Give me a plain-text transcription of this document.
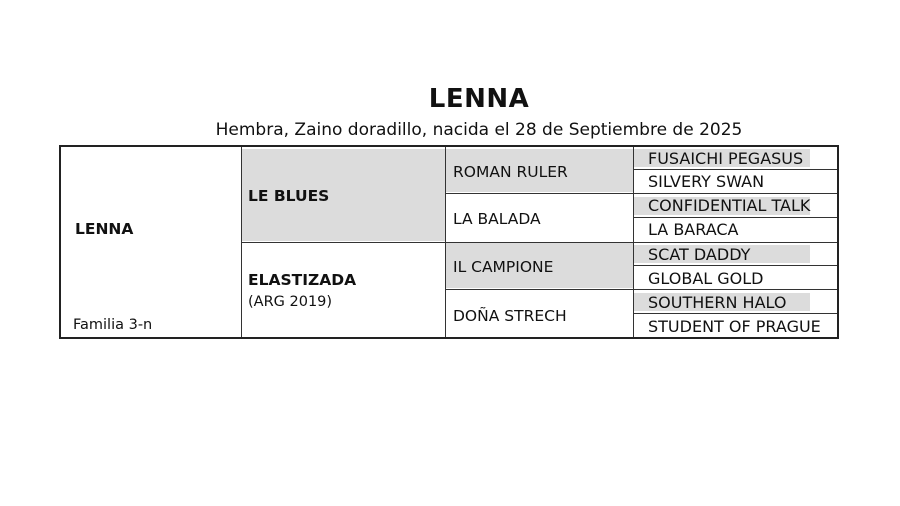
LENNA
Hembra, Zaino doradillo, nacida el 28 de Septiembre de 2025
LENNA
Familia 3-n
LE BLUES
ELASTIZADA
(ARG 2019)
ROMAN RULER
LA BALADA
IL CAMPIONE
DOÑA STRECH
FUSAICHI PEGASUS
SILVERY SWAN
CONFIDENTIAL TALK
LA BARACA
SCAT DADDY
GLOBAL GOLD
SOUTHERN HALO
STUDENT OF PRAGUE
